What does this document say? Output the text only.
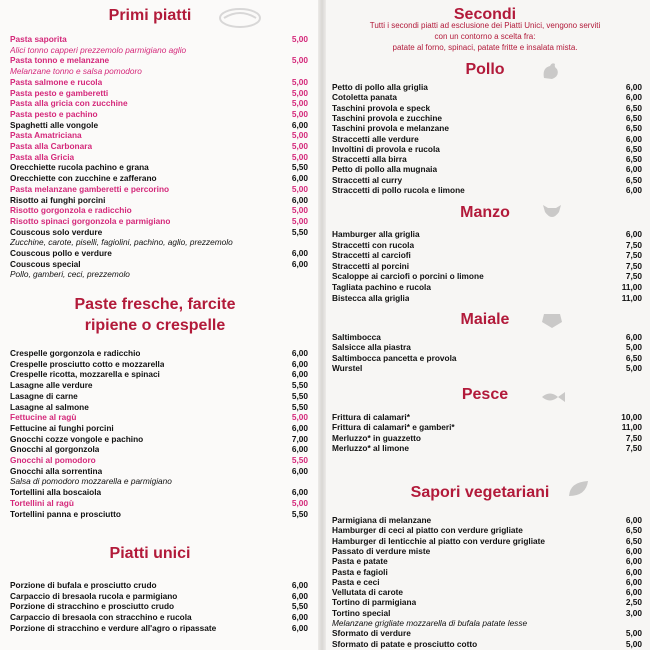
Primi piatti
Paste fresche, farcite ripiene o crespelle
Piatti unici
Secondi
Tutti i secondi piatti ad esclusione dei Piatti Unici, vengono serviti
con un contorno a scelta fra:
patate al forno, spinaci, patate fritte e insalata mista.
Pollo
Manzo
Maiale
Pesce
Sapori vegetariani
Pasta saporita	5,00
Alici tonno capperi prezzemolo parmigiano aglio
Pasta tonno e melanzane	5,00
Melanzane tonno e salsa pomodoro
Pasta salmone e rucola	5,00
Pasta pesto e gamberetti	5,00
Pasta alla gricia con zucchine	5,00
Pasta pesto e pachino	5,00
Spaghetti alle vongole	6,00
Pasta Amatriciana	5,00
Pasta alla Carbonara	5,00
Pasta alla Gricia	5,00
Orecchiette rucola pachino e grana	5,50
Orecchiette con zucchine e zafferano	6,00
Pasta melanzane gamberetti e percorino	5,00
Risotto ai funghi porcini	6,00
Risotto gorgonzola e radicchio	5,00
Risotto spinaci gorgonzola e parmigiano	5,00
Couscous solo verdure	5,50
Zucchine, carote, piselli, fagiolini, pachino, aglio, prezzemolo
Couscous pollo e verdure	6,00
Couscous special	6,00
Pollo, gamberi, ceci, prezzemolo
Crespelle gorgonzola e radicchio	6,00
Crespelle prosciutto cotto e mozzarella	6,00
Crespelle ricotta, mozzarella e spinaci	6,00
Lasagne alle verdure	5,50
Lasagne di carne	5,50
Lasagne al salmone	5,50
Fettucine al ragù	5,00
Fettucine ai funghi porcini	6,00
Gnocchi cozze vongole e pachino	7,00
Gnocchi al gorgonzola	6,00
Gnocchi al pomodoro	5,50
Gnocchi alla sorrentina	6,00
Salsa di pomodoro mozzarella e parmigiano
Tortellini alla boscaiola	6,00
Tortellini al ragù	5,00
Tortellini panna e prosciutto	5,50
Porzione di bufala e prosciutto crudo	6,00
Carpaccio di bresaola rucola e parmigiano	6,00
Porzione di stracchino e prosciutto crudo	5,50
Carpaccio di bresaola con stracchino e rucola	6,00
Porzione di stracchino e verdure all'agro o ripassate	6,00
Petto di pollo alla griglia	6,00
Cotoletta panata	6,00
Taschini provola e speck	6,50
Taschini provola e zucchine	6,50
Taschini provola e melanzane	6,50
Straccetti alle verdure	6,00
Involtini di provola e rucola	6,50
Straccetti alla birra	6,50
Petto di pollo alla mugnaia	6,00
Straccetti al curry	6,50
Straccetti di pollo rucola e limone	6,00
Hamburger alla griglia	6,00
Straccetti con rucola	7,50
Straccetti al carciofi	7,50
Straccetti al porcini	7,50
Scaloppe ai carciofi o porcini o limone	7,50
Tagliata pachino e rucola	11,00
Bistecca alla griglia	11,00
Saltimbocca	6,00
Salsicce alla piastra	5,00
Saltimbocca pancetta e provola	6,50
Wurstel	5,00
Frittura di calamari*	10,00
Frittura di calamari* e gamberi*	11,00
Merluzzo* in guazzetto	7,50
Merluzzo* al limone	7,50
Parmigiana di melanzane	6,00
Hamburger di ceci al piatto con verdure grigliate	6,50
Hamburger di lenticchie al piatto con verdure grigliate	6,50
Passato di verdure miste	6,00
Pasta e patate	6,00
Pasta e fagioli	6,00
Pasta e ceci	6,00
Vellutata di carote	6,00
Tortino di parmigiana	2,50
Tortino special	3,00
Melanzane grigliate mozzarella di bufala patate lesse
Sformato di verdure	5,00
Sformato di patate e prosciutto cotto	5,00
